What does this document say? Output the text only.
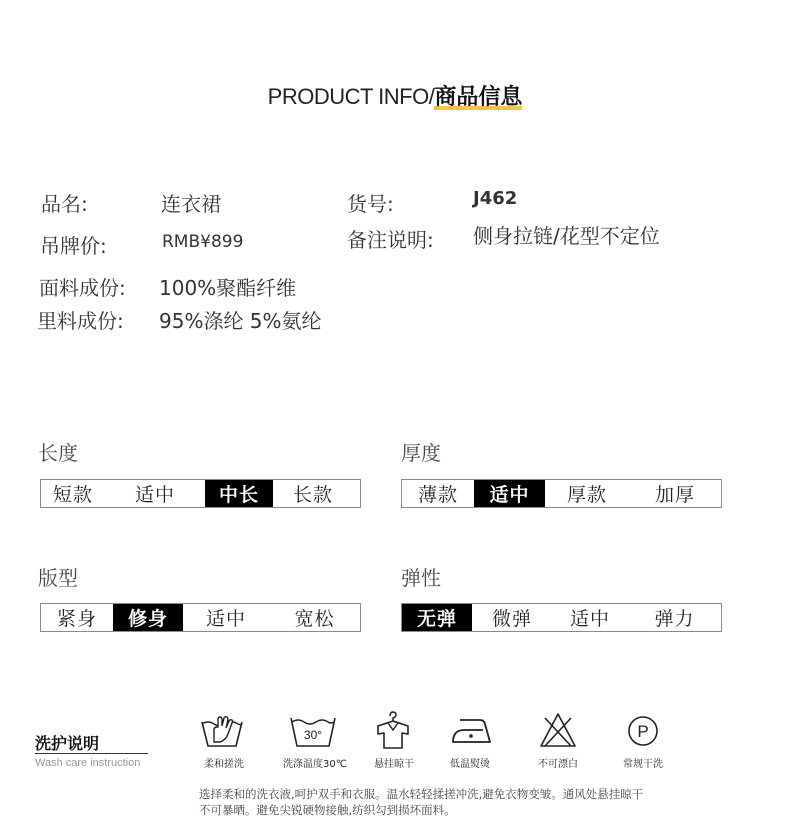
PRODUCT INFO/商品信息
品名:	连衣裙	货号:	J462
吊牌价:	RMB¥899	备注说明: 侧身拉链/花型不定位
面料成份: 100%聚酯纤维
里料成份: 95%涤纶 5%氨纶
长度
短款	适中	中长	长款
厚度
薄款	适中	厚款	加厚
版型
紧身	修身	适中	宽松
弹性
无弹	微弹	适中	弹力
洗护说明
Wash care instruction	柔和搓洗
30°
洗涤温度30℃	悬挂晾干	低温熨烫	不可漂白
P
常规干洗
选择柔和的洗衣液,呵护双手和衣服。温水轻轻揉搓冲洗,避免衣物变皱。通风处悬挂晾干
不可暴晒。避免尖锐硬物接触,纺织勾到损坏面料。
